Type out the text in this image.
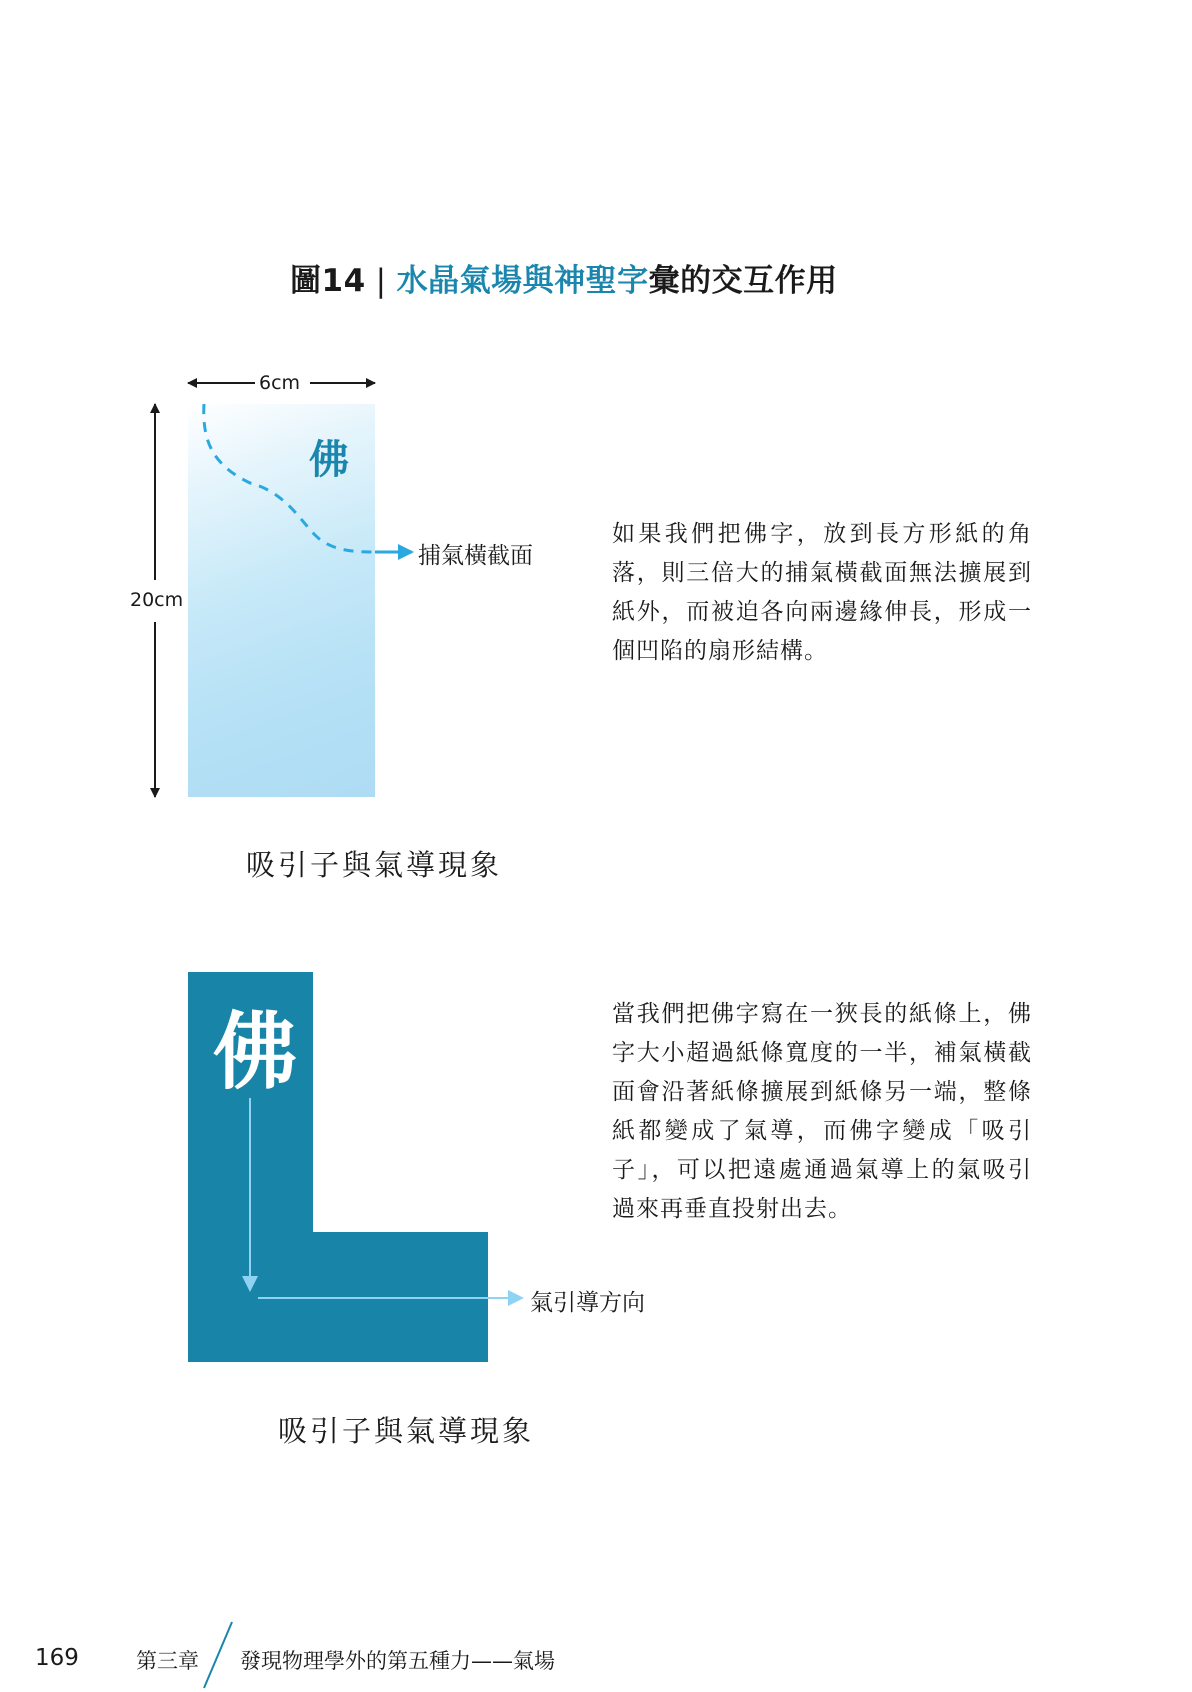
圖14 | 水晶氣場與神聖字彙的交互作用
6cm
20cm
佛
捕氣橫截面
吸引子與氣導現象
如果我們把佛字，放到長方形紙的角落，則三倍大的捕氣橫截面無法擴展到紙外，而被迫各向兩邊緣伸長，形成一個凹陷的扇形結構。
佛
氣引導方向
吸引子與氣導現象
當我們把佛字寫在一狹長的紙條上，佛字大小超過紙條寬度的一半，補氣橫截面會沿著紙條擴展到紙條另一端，整條紙都變成了氣導，而佛字變成「吸引子」，可以把遠處通過氣導上的氣吸引過來再垂直投射出去。
169	第三章 發現物理學外的第五種力——氣場
